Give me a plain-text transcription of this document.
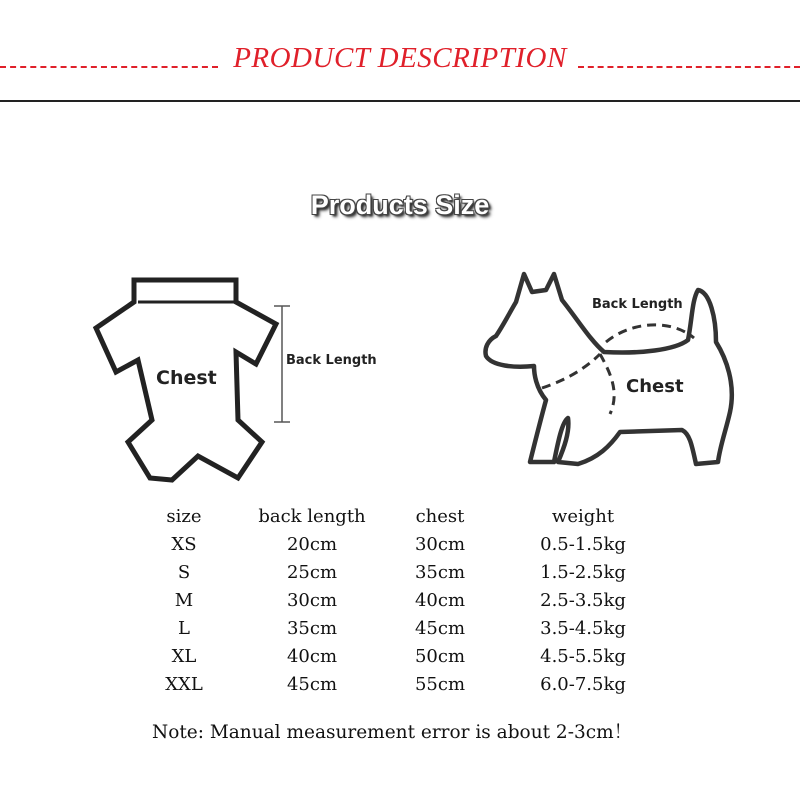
PRODUCT DESCRIPTION
Products Size
Chest
Back Length
Back Length
Chest
size	back length	chest	weight
XS	20cm	30cm	0.5-1.5kg
S	25cm	35cm	1.5-2.5kg
M	30cm	40cm	2.5-3.5kg
L	35cm	45cm	3.5-4.5kg
XL	40cm	50cm	4.5-5.5kg
XXL	45cm	55cm	6.0-7.5kg
Note: Manual measurement error is about 2-3cm！
